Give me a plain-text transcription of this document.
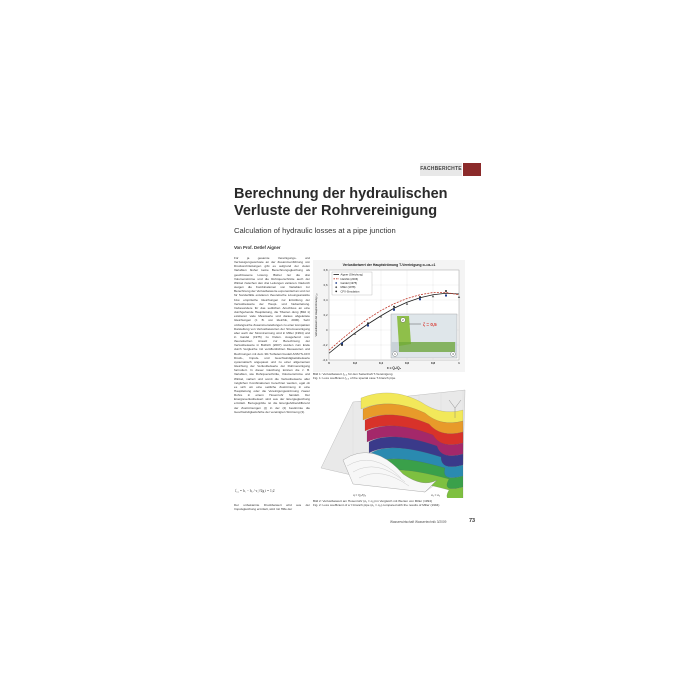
FACHBERICHTE
Berechnung der hydraulischen
Verluste der Rohrvereinigung
Calculation of hydraulic losses at a pipe junction
Von Prof. Detlef Aigner

Für ja gesamte Vereinigungs- und Verzweigungsverluste an der Zusammenführung von Drucksrohrleitungen gibt es aufgrund der vielen Variablen bisher keine Berechnungsgleichung als geschlossene Lösung. Bisher nur die drei Volumenströme und die Rohrquerschnitte auch der Winkel zwischen den drei Leitungen variieren. Dadurch steigen die Kombinationen von Variablen zur Berechnung der Verlustbeiwerte exponentiell an und nur für Sonderfälle existieren theoretische Lösungsansätze bzw. empirische Gleichungen zur Ermittlung der Verlustbeiwerte der Haupt- und Nebenleitung. Insbesondere für das seitlichen Anschluss an eine durchgehende Hauptleitung, die Tiberien dung (Bild 1) existieren viele Messwerte und daraus abgeleitete Gleichungen (z. B. von Idelchik, 2006). Sehr umfangreiche Zusammenstellungen zu einer kompakten Darstellung von Verlustbeiwerten der Stromvereinigung aber auch der Stromtrennung sind in Miller (1994) und in Gardel (1975) zu finden. Ausgehend vom theoretischen Ansatz zur Berechnung der Verlustbeiwerte in Bollrich (2007) wurden zum Ende durch Vergleiche mit veröffentlichten Messwerten und Rechnungen mit dem 3D-Turbulenzmodell ANSYS-CFX Druck-, Impuls- und Geschwindigkeitsbeiwerte systematisch angepasst und zu einer allgemeinen Gleichung der Verlustbeiwerte der Rohrvereinigung formuliert. In dieser Gleichung können die z. B. Variablen, wie Rohrquerschnitte, Volumenströme und Winkel, variiert und somit die Verlustbeiwerte aller möglichen Kombinationen berechnet werden, egal ob es sich um eine seitliche Zuströmung in eine Hauptleitung oder die Vereinigungsströmung zweier Rohre in einem Hosenrohr handelt. Der Energieverlustbeiwert wird aus der Energiegleichung ermittelt. Bezugsgröße ist die Energiehöhendifferenz der Zuströmungen (ζ) in der (2) bestimmte die Geschwindigkeitshöhe der vereinigten Strömung (3).

ζ₁₃ = h₁ − h₃ / v₃²/2g i = 1;2

Der unbekannte Druckbeiwert wird aus der Impulsgleichung ermittelt, wird mit Hilfe der

Verlustbeiwert der Hauptströmung T-Vereinigung α₁=α₂=1
0	0,2	0,4	0,6	0,8	1
-0,4
-0,2
0
0,2
0,4
0,6
0,8
x = Q₂/Q₃
Verlustbeiwert der Hauptströmung ζ₁₃	ζ = 0,5
1
2
3
Aigner (Gleichung)
Idelchik (2006)
Gardel (1975)
Miller (1978)
CFX-Simulation

Bild 1: Verlustbeiwert ζ₁,₃ für den Seitenhaft T-Vereinigung
Fig. 1: Loss coefficient ζ₁,₃ of the special case T-branch pipe

q = Q₂/Q₃	α₁ = α₂

Bild 2: Verlustbeiwert am Hosenrohr (α₁ = α₂) im Vergleich mit Werten von Miller (1994)
Fig. 2: Loss coefficient of a Y-branch pipe (α₁ = α₂) compared with the results of Miller (1994)

Wasserwirtschaft Wassertechnik 3/2009	73
